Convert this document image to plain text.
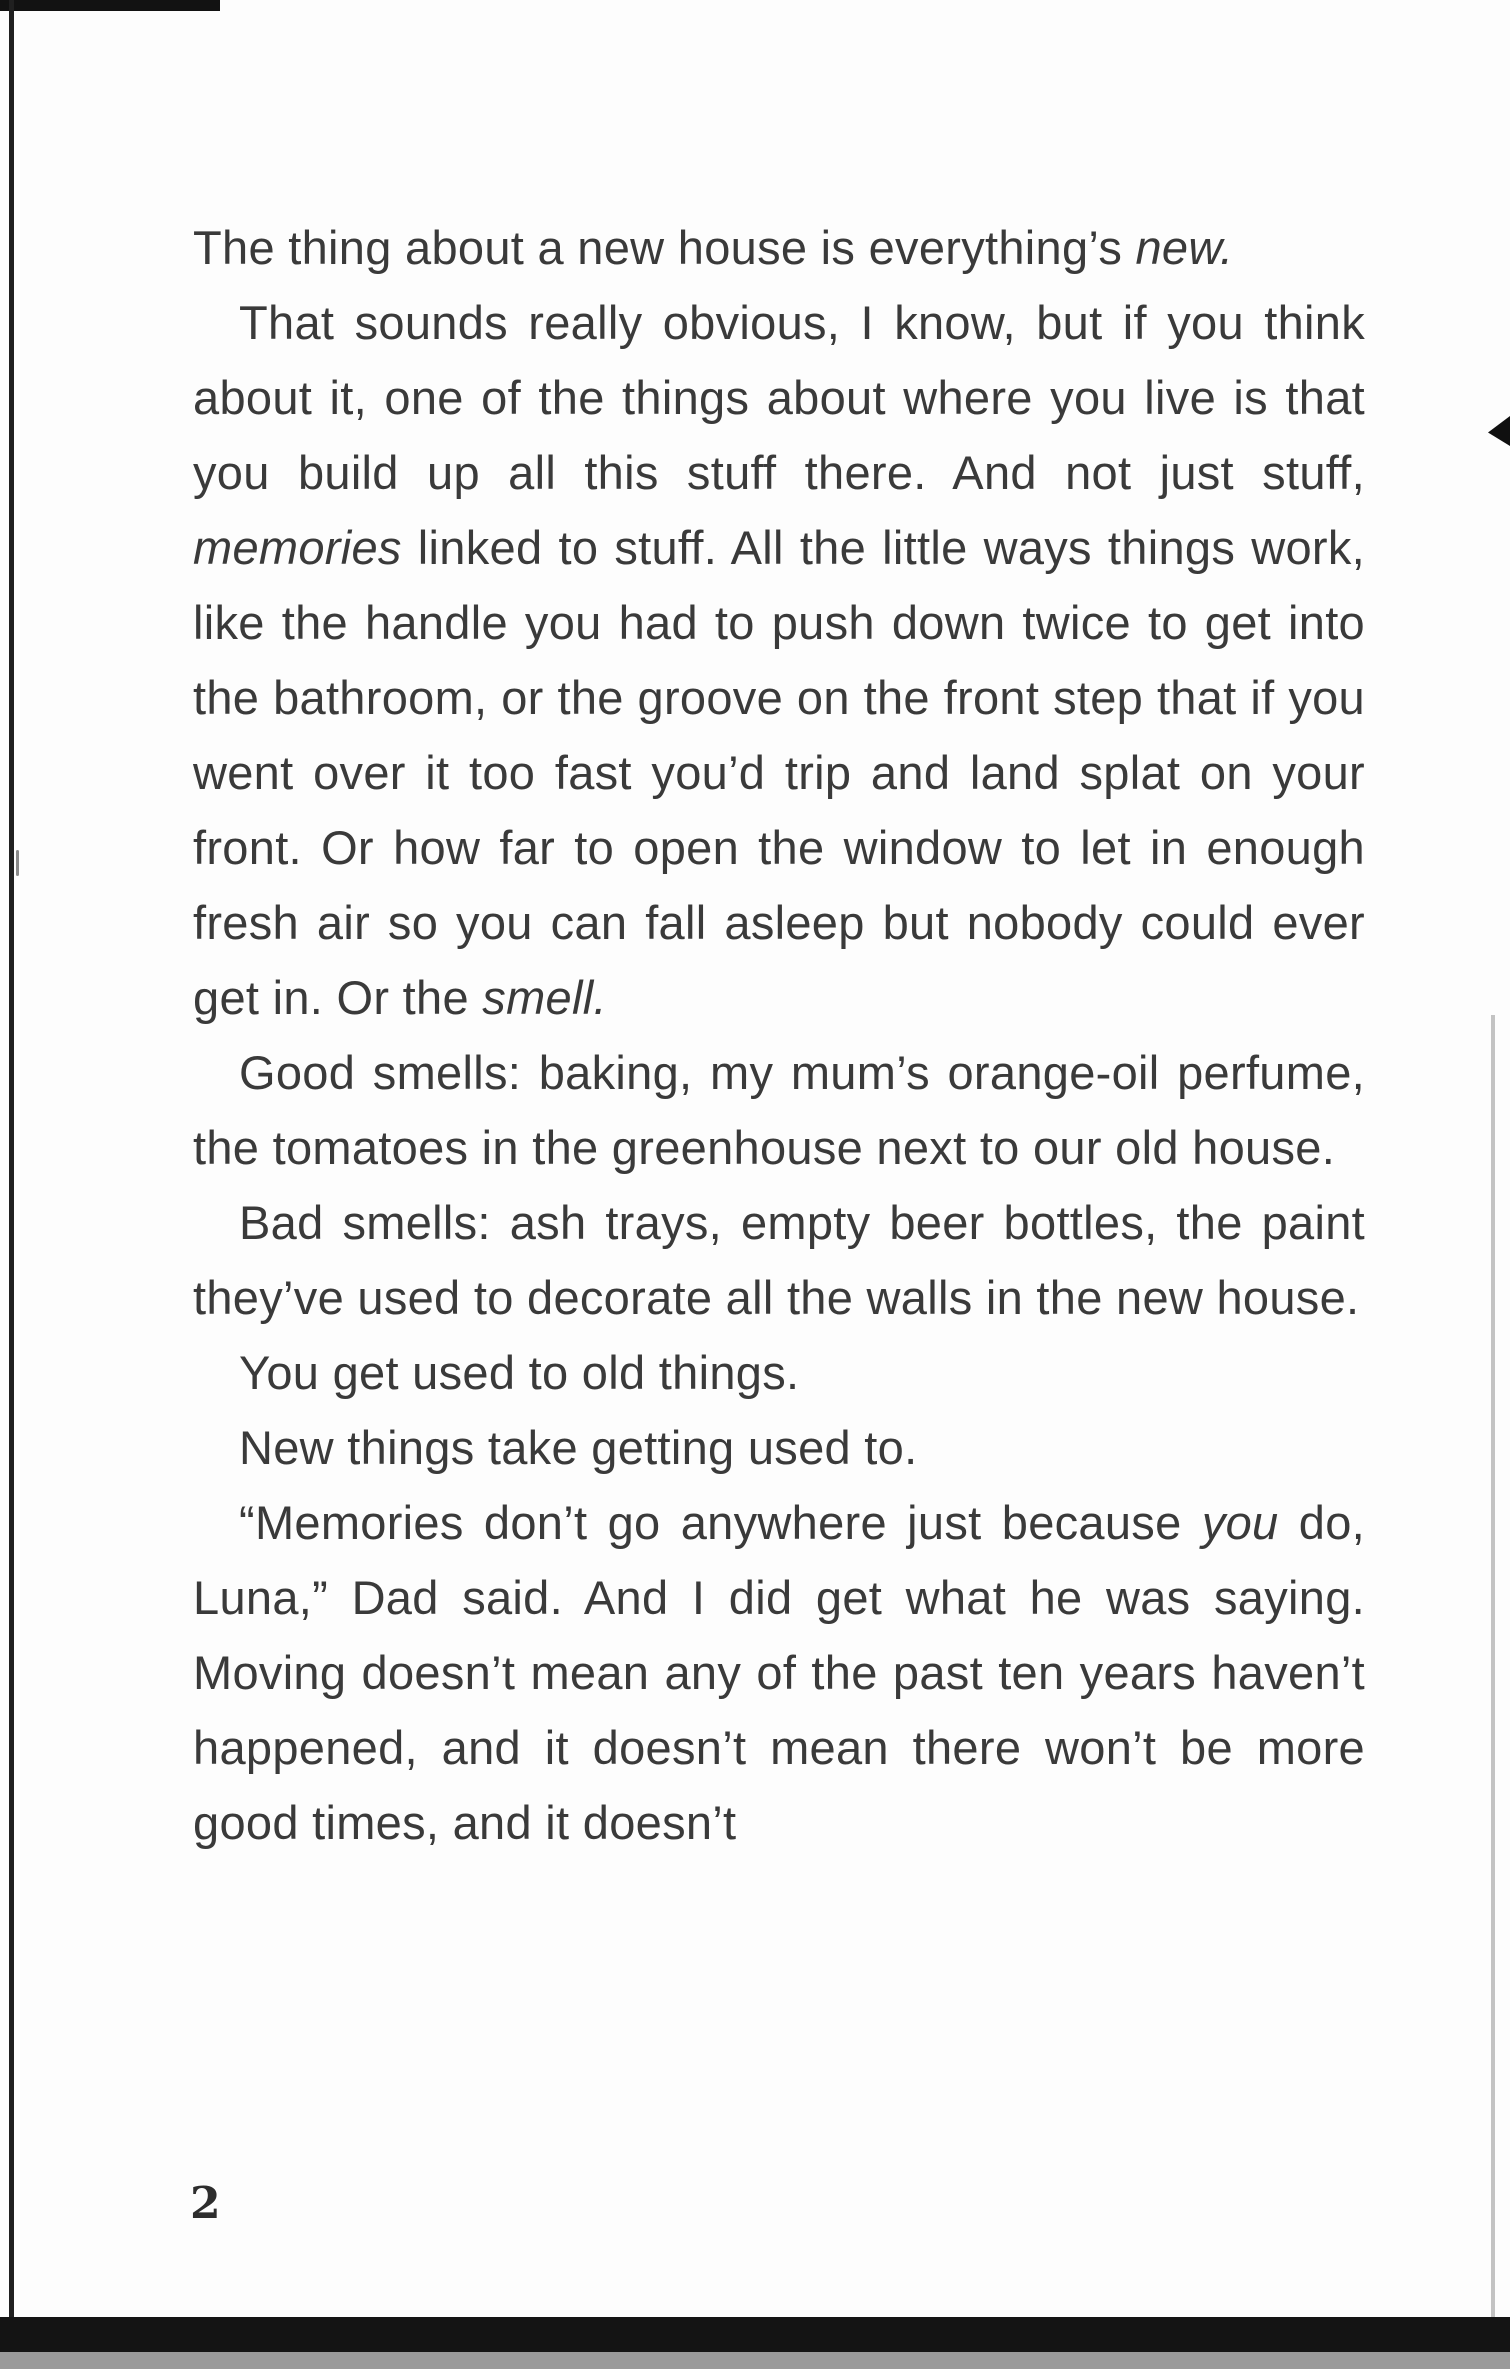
The thing about a new house is everything’s new.

That sounds really obvious, I know, but if you think about it, one of the things about where you live is that you build up all this stuff there. And not just stuff, memories linked to stuff. All the little ways things work, like the handle you had to push down twice to get into the bathroom, or the groove on the front step that if you went over it too fast you’d trip and land splat on your front. Or how far to open the window to let in enough fresh air so you can fall asleep but nobody could ever get in. Or the smell.

Good smells: baking, my mum’s orange-oil perfume, the tomatoes in the greenhouse next to our old house.

Bad smells: ash trays, empty beer bottles, the paint they’ve used to decorate all the walls in the new house.

You get used to old things.

New things take getting used to.

“Memories don’t go anywhere just because you do, Luna,” Dad said. And I did get what he was saying. Moving doesn’t mean any of the past ten years haven’t happened, and it doesn’t mean there won’t be more good times, and it doesn’t

2
